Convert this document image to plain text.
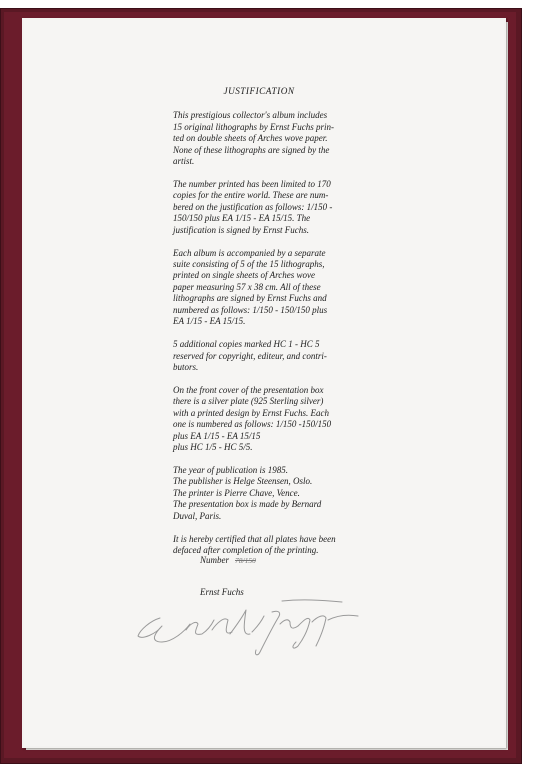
JUSTIFICATION
This prestigious collector's album includes
15 original lithographs by Ernst Fuchs prin-
ted on double sheets of Arches wove paper.
None of these lithographs are signed by the
artist.
The number printed has been limited to 170
copies for the entire world. These are num-
bered on the justification as follows: 1/150 -
150/150 plus EA 1/15 - EA 15/15. The
justification is signed by Ernst Fuchs.
Each album is accompanied by a separate
suite consisting of 5 of the 15 lithographs,
printed on single sheets of Arches wove
paper measuring 57 x 38 cm. All of these
lithographs are signed by Ernst Fuchs and
numbered as follows: 1/150 - 150/150 plus
EA 1/15 - EA 15/15.
5 additional copies marked HC 1 - HC 5
reserved for copyright, editeur, and contri-
butors.
On the front cover of the presentation box
there is a silver plate (925 Sterling silver)
with a printed design by Ernst Fuchs. Each
one is numbered as follows: 1/150 -150/150
plus EA 1/15 - EA 15/15
plus HC 1/5 - HC 5/5.
The year of publication is 1985.
The publisher is Helge Steensen, Oslo.
The printer is Pierre Chave, Vence.
The presentation box is made by Bernard
Duval, Paris.
It is hereby certified that all plates have been
defaced after completion of the printing.
Number 78/150
Ernst Fuchs
